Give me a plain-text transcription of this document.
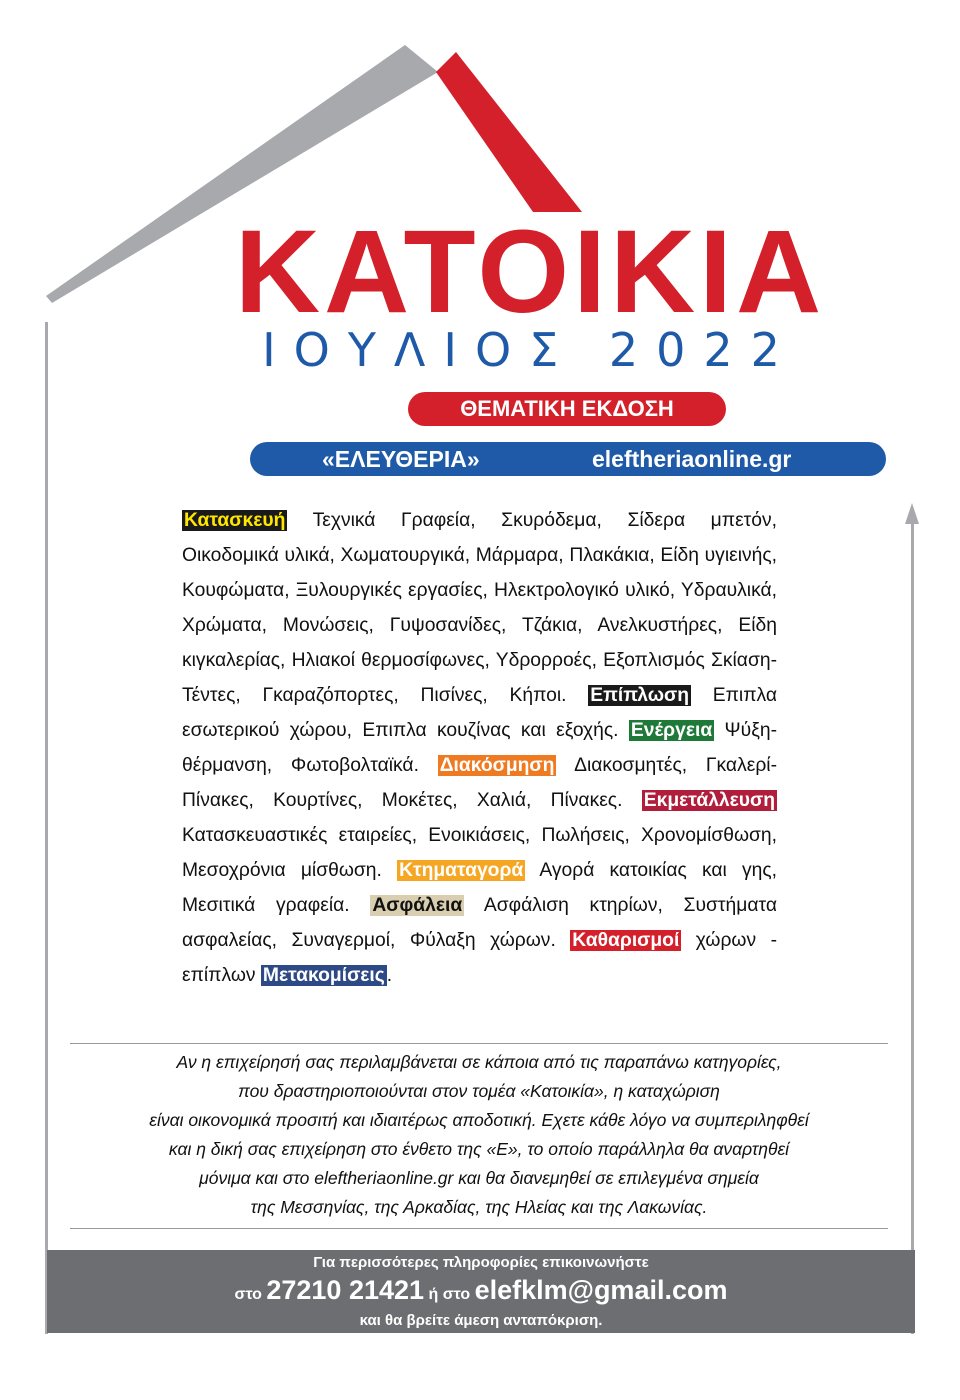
ΚΑΤΟΙΚΙΑ
ΙΟΥΛΙΟΣ 2022
ΘΕΜΑΤΙΚΗ ΕΚΔΟΣΗ
«ΕΛΕΥΘΕΡΙΑ»	eleftheriaonline.gr
Κατασκευή Τεχνικά Γραφεία, Σκυρόδεμα, Σίδερα μπετόν, Οικοδομικά υλικά, Χωματουργικά, Μάρμαρα, Πλακάκια, Είδη υγιεινής, Κουφώματα, Ξυλουργικές εργασίες, Ηλεκτρολογικό υλικό, Υδραυλικά, Χρώματα, Μονώσεις, Γυψοσανίδες, Τζάκια, Ανελκυστήρες, Είδη κιγκαλερίας, Ηλιακοί θερμοσίφωνες, Υδρορροές, Εξοπλισμός Σκίαση-Τέντες, Γκαραζόπορτες, Πισίνες, Κήποι. Επίπλωση Επιπλα εσωτερικού χώρου, Επιπλα κουζίνας και εξοχής. Ενέργεια Ψύξη-θέρμανση, Φωτοβολταϊκά. Διακόσμηση Διακοσμητές, Γκαλερί-Πίνακες, Κουρτίνες, Μοκέτες, Χαλιά, Πίνακες. Εκμετάλλευση Κατασκευαστικές εταιρείες, Ενοικιάσεις, Πωλήσεις, Χρονομίσθωση, Μεσοχρόνια μίσθωση. Κτηματαγορά Αγορά κατοικίας και γης, Μεσιτικά γραφεία. Ασφάλεια Ασφάλιση κτηρίων, Συστήματα ασφαλείας, Συναγερμοί, Φύλαξη χώρων. Καθαρισμοί χώρων - επίπλων Μετακομίσεις .

Αν η επιχείρησή σας περιλαμβάνεται σε κάποια από τις παραπάνω κατηγορίες,

που δραστηριοποιούνται στον τομέα «Κατοικία», η καταχώριση

είναι οικονομικά προσιτή και ιδιαιτέρως αποδοτική. Εχετε κάθε λόγο να συμπεριληφθεί

και η δική σας επιχείρηση στο ένθετο της «Ε», το οποίο παράλληλα θα αναρτηθεί

μόνιμα και στο eleftheriaonline.gr και θα διανεμηθεί σε επιλεγμένα σημεία

της Μεσσηνίας, της Αρκαδίας, της Ηλείας και της Λακωνίας.

Για περισσότερες πληροφορίες επικοινωνήστε
στο 27210 21421 ή στο elefklm@gmail.com
και θα βρείτε άμεση ανταπόκριση.
